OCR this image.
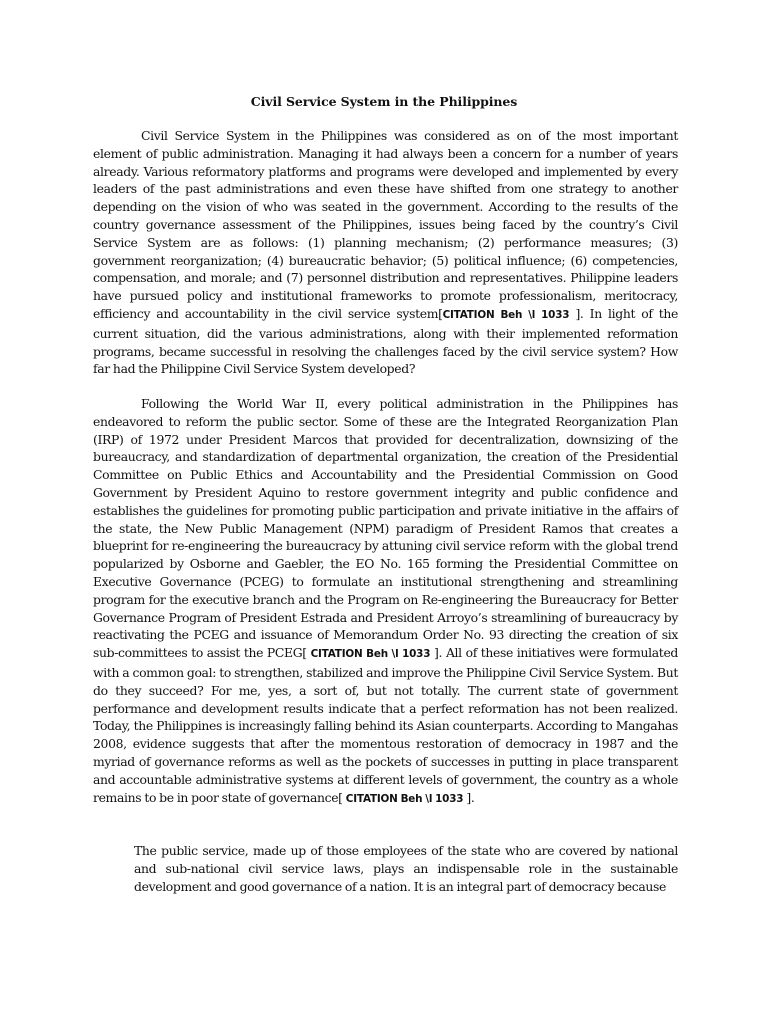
Civil Service System in the Philippines

Civil Service System in the Philippines was considered as on of the most important element of public administration. Managing it had always been a concern for a number of years already. Various reformatory platforms and programs were developed and implemented by every leaders of the past administrations and even these have shifted from one strategy to another depending on the vision of who was seated in the government. According to the results of the country governance assessment of the Philippines, issues being faced by the country’s Civil Service System are as follows: (1) planning mechanism; (2) performance measures; (3) government reorganization; (4) bureaucratic behavior; (5) political influence; (6) competencies, compensation, and morale; and (7) personnel distribution and representatives. Philippine leaders have pursued policy and institutional frameworks to promote professionalism, meritocracy, efficiency and accountability in the civil service system[CITATION Beh \l 1033 ]. In light of the current situation, did the various administrations, along with their implemented reformation programs, became successful in resolving the challenges faced by the civil service system? How far had the Philippine Civil Service System developed?

Following the World War II, every political administration in the Philippines has endeavored to reform the public sector. Some of these are the Integrated Reorganization Plan (IRP) of 1972 under President Marcos that provided for decentralization, downsizing of the bureaucracy, and standardization of departmental organization, the creation of the Presidential Committee on Public Ethics and Accountability and the Presidential Commission on Good Government by President Aquino to restore government integrity and public confidence and establishes the guidelines for promoting public participation and private initiative in the affairs of the state, the New Public Management (NPM) paradigm of President Ramos that creates a blueprint for re-engineering the bureaucracy by attuning civil service reform with the global trend popularized by Osborne and Gaebler, the EO No. 165 forming the Presidential Committee on Executive Governance (PCEG) to formulate an institutional strengthening and streamlining program for the executive branch and the Program on Re-engineering the Bureaucracy for Better Governance Program of President Estrada and President Arroyo’s streamlining of bureaucracy by reactivating the PCEG and issuance of Memorandum Order No. 93 directing the creation of six sub-committees to assist the PCEG[ CITATION Beh \l 1033 ]. All of these initiatives were formulated with a common goal: to strengthen, stabilized and improve the Philippine Civil Service System. But do they succeed? For me, yes, a sort of, but not totally. The current state of government performance and development results indicate that a perfect reformation has not been realized. Today, the Philippines is increasingly falling behind its Asian counterparts. According to Mangahas 2008, evidence suggests that after the momentous restoration of democracy in 1987 and the myriad of governance reforms as well as the pockets of successes in putting in place transparent and accountable administrative systems at different levels of government, the country as a whole remains to be in poor state of governance[ CITATION Beh \l 1033 ].

The public service, made up of those employees of the state who are covered by national and sub-national civil service laws, plays an indispensable role in the sustainable development and good governance of a nation. It is an integral part of democracy because
